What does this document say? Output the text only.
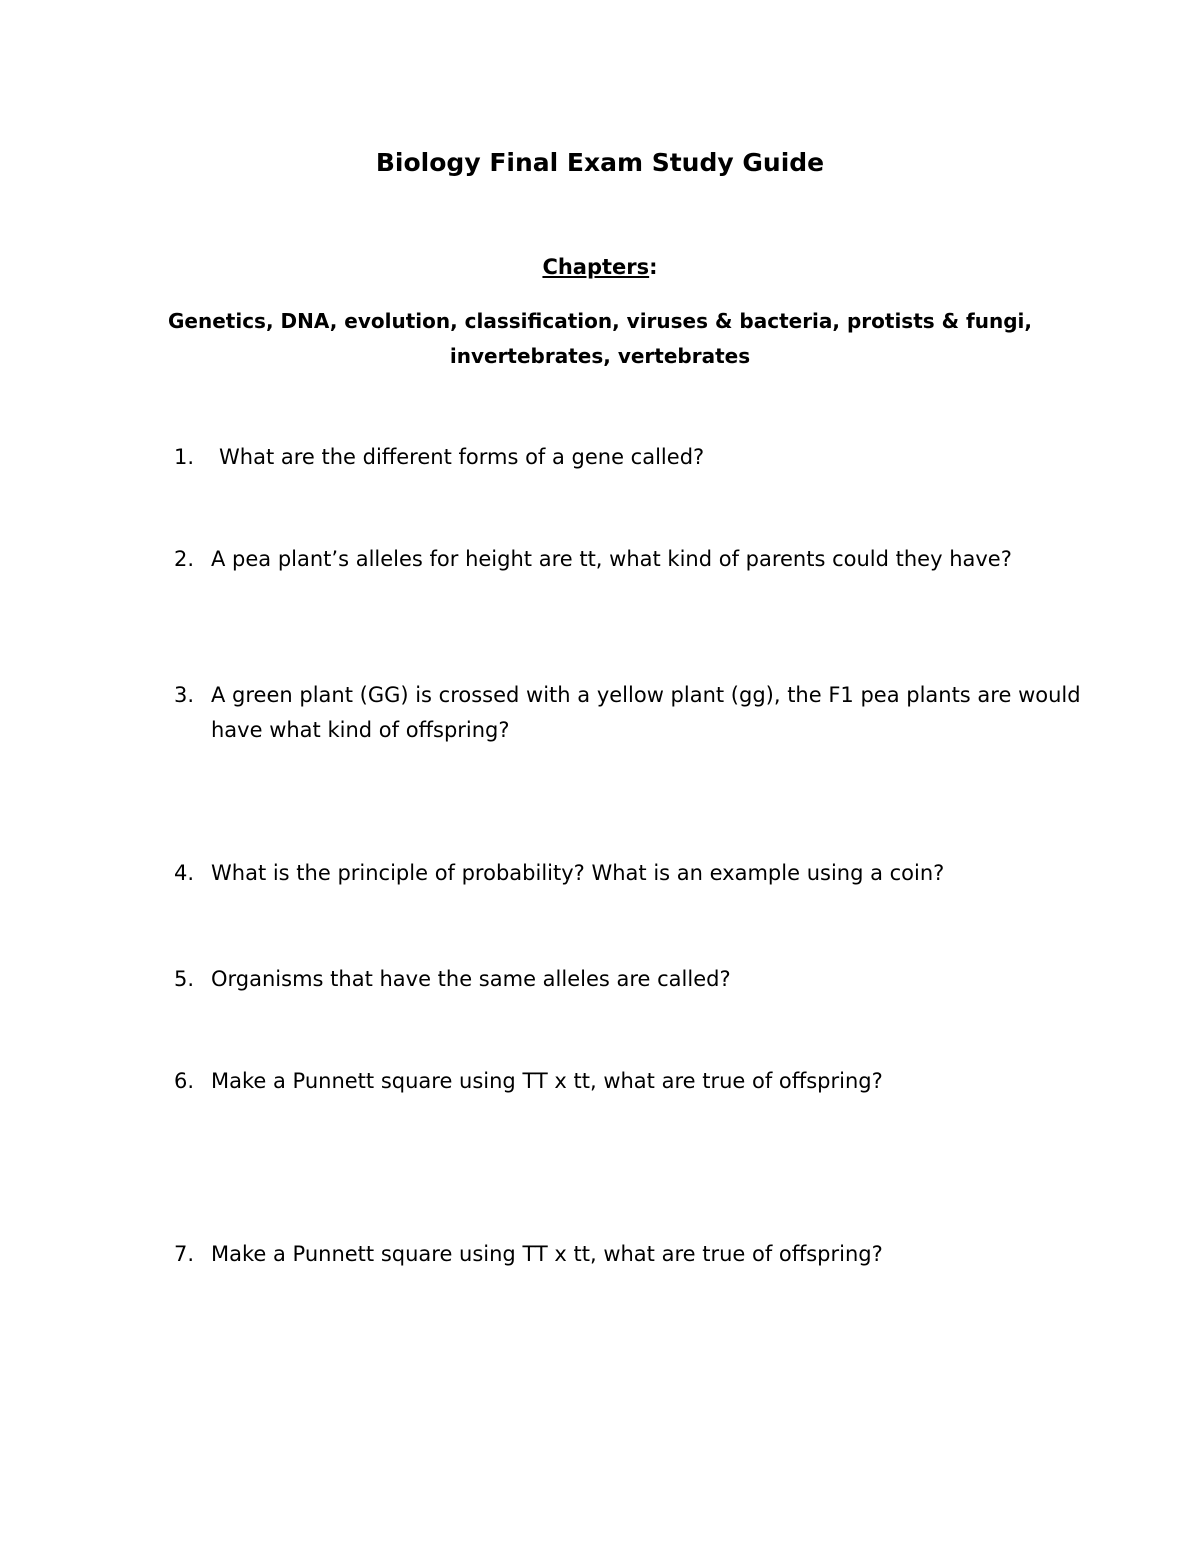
Biology Final Exam Study Guide
Chapters:
Genetics, DNA, evolution, classification, viruses & bacteria, protists & fungi,
invertebrates, vertebrates
1. What are the different forms of a gene called?
2. A pea plant’s alleles for height are tt, what kind of parents could they have?
3. A green plant (GG) is crossed with a yellow plant (gg), the F1 pea plants are would have what kind of offspring?
4. What is the principle of probability? What is an example using a coin?
5. Organisms that have the same alleles are called?
6. Make a Punnett square using TT x tt, what are true of offspring?
7. Make a Punnett square using TT x tt, what are true of offspring?
